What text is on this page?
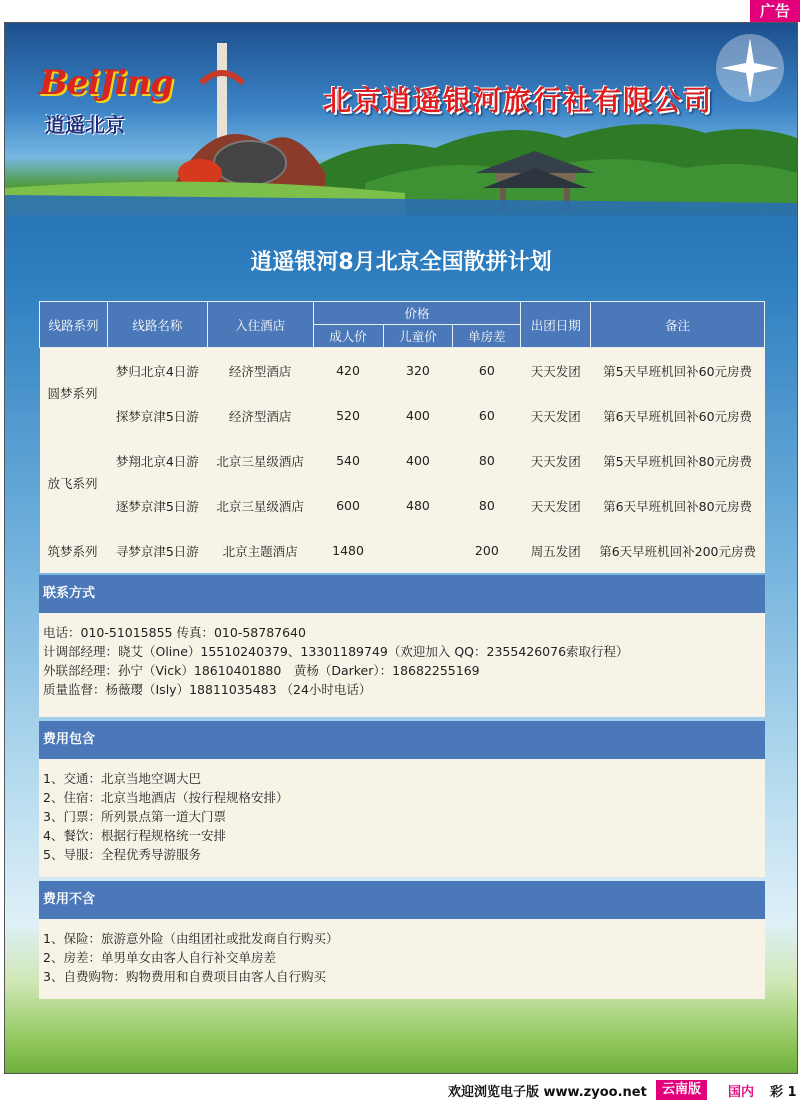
广告
BeiJing
逍遥北京
北京逍遥银河旅行社有限公司
逍遥银河8月北京全国散拼计划
线路系列	线路名称	入住酒店	价格			出团日期	备注
			成人价	儿童价	单房差		
圆梦系列	梦归北京4日游	经济型酒店	420	320	60	天天发团	第5天早班机回补60元房费
	探梦京津5日游	经济型酒店	520	400	60	天天发团	第6天早班机回补60元房费
放飞系列	梦翔北京4日游	北京三星级酒店	540	400	80	天天发团	第5天早班机回补80元房费
	逐梦京津5日游	北京三星级酒店	600	480	80	天天发团	第6天早班机回补80元房费
筑梦系列	寻梦京津5日游	北京主题酒店	1480		200	周五发团	第6天早班机回补200元房费
联系方式
电话：010-51015855 传真：010-58787640
计调部经理：晓艾（Oline）15510240379、13301189749（欢迎加入 QQ：2355426076索取行程）
外联部经理：孙宁（Vick）18610401880　黄杨（Darker）：18682255169
质量监督：杨薇璎（Isly）18811035483 （24小时电话）
费用包含
1、交通：北京当地空调大巴
2、住宿：北京当地酒店（按行程规格安排）
3、门票：所列景点第一道大门票
4、餐饮：根据行程规格统一安排
5、导服：全程优秀导游服务
费用不含
1、保险：旅游意外险（由组团社或批发商自行购买）
2、房差：单男单女由客人自行补交单房差
3、自费购物：购物费用和自费项目由客人自行购买
欢迎浏览电子版 www.zyoo.net	云南版	国内 彩 1
